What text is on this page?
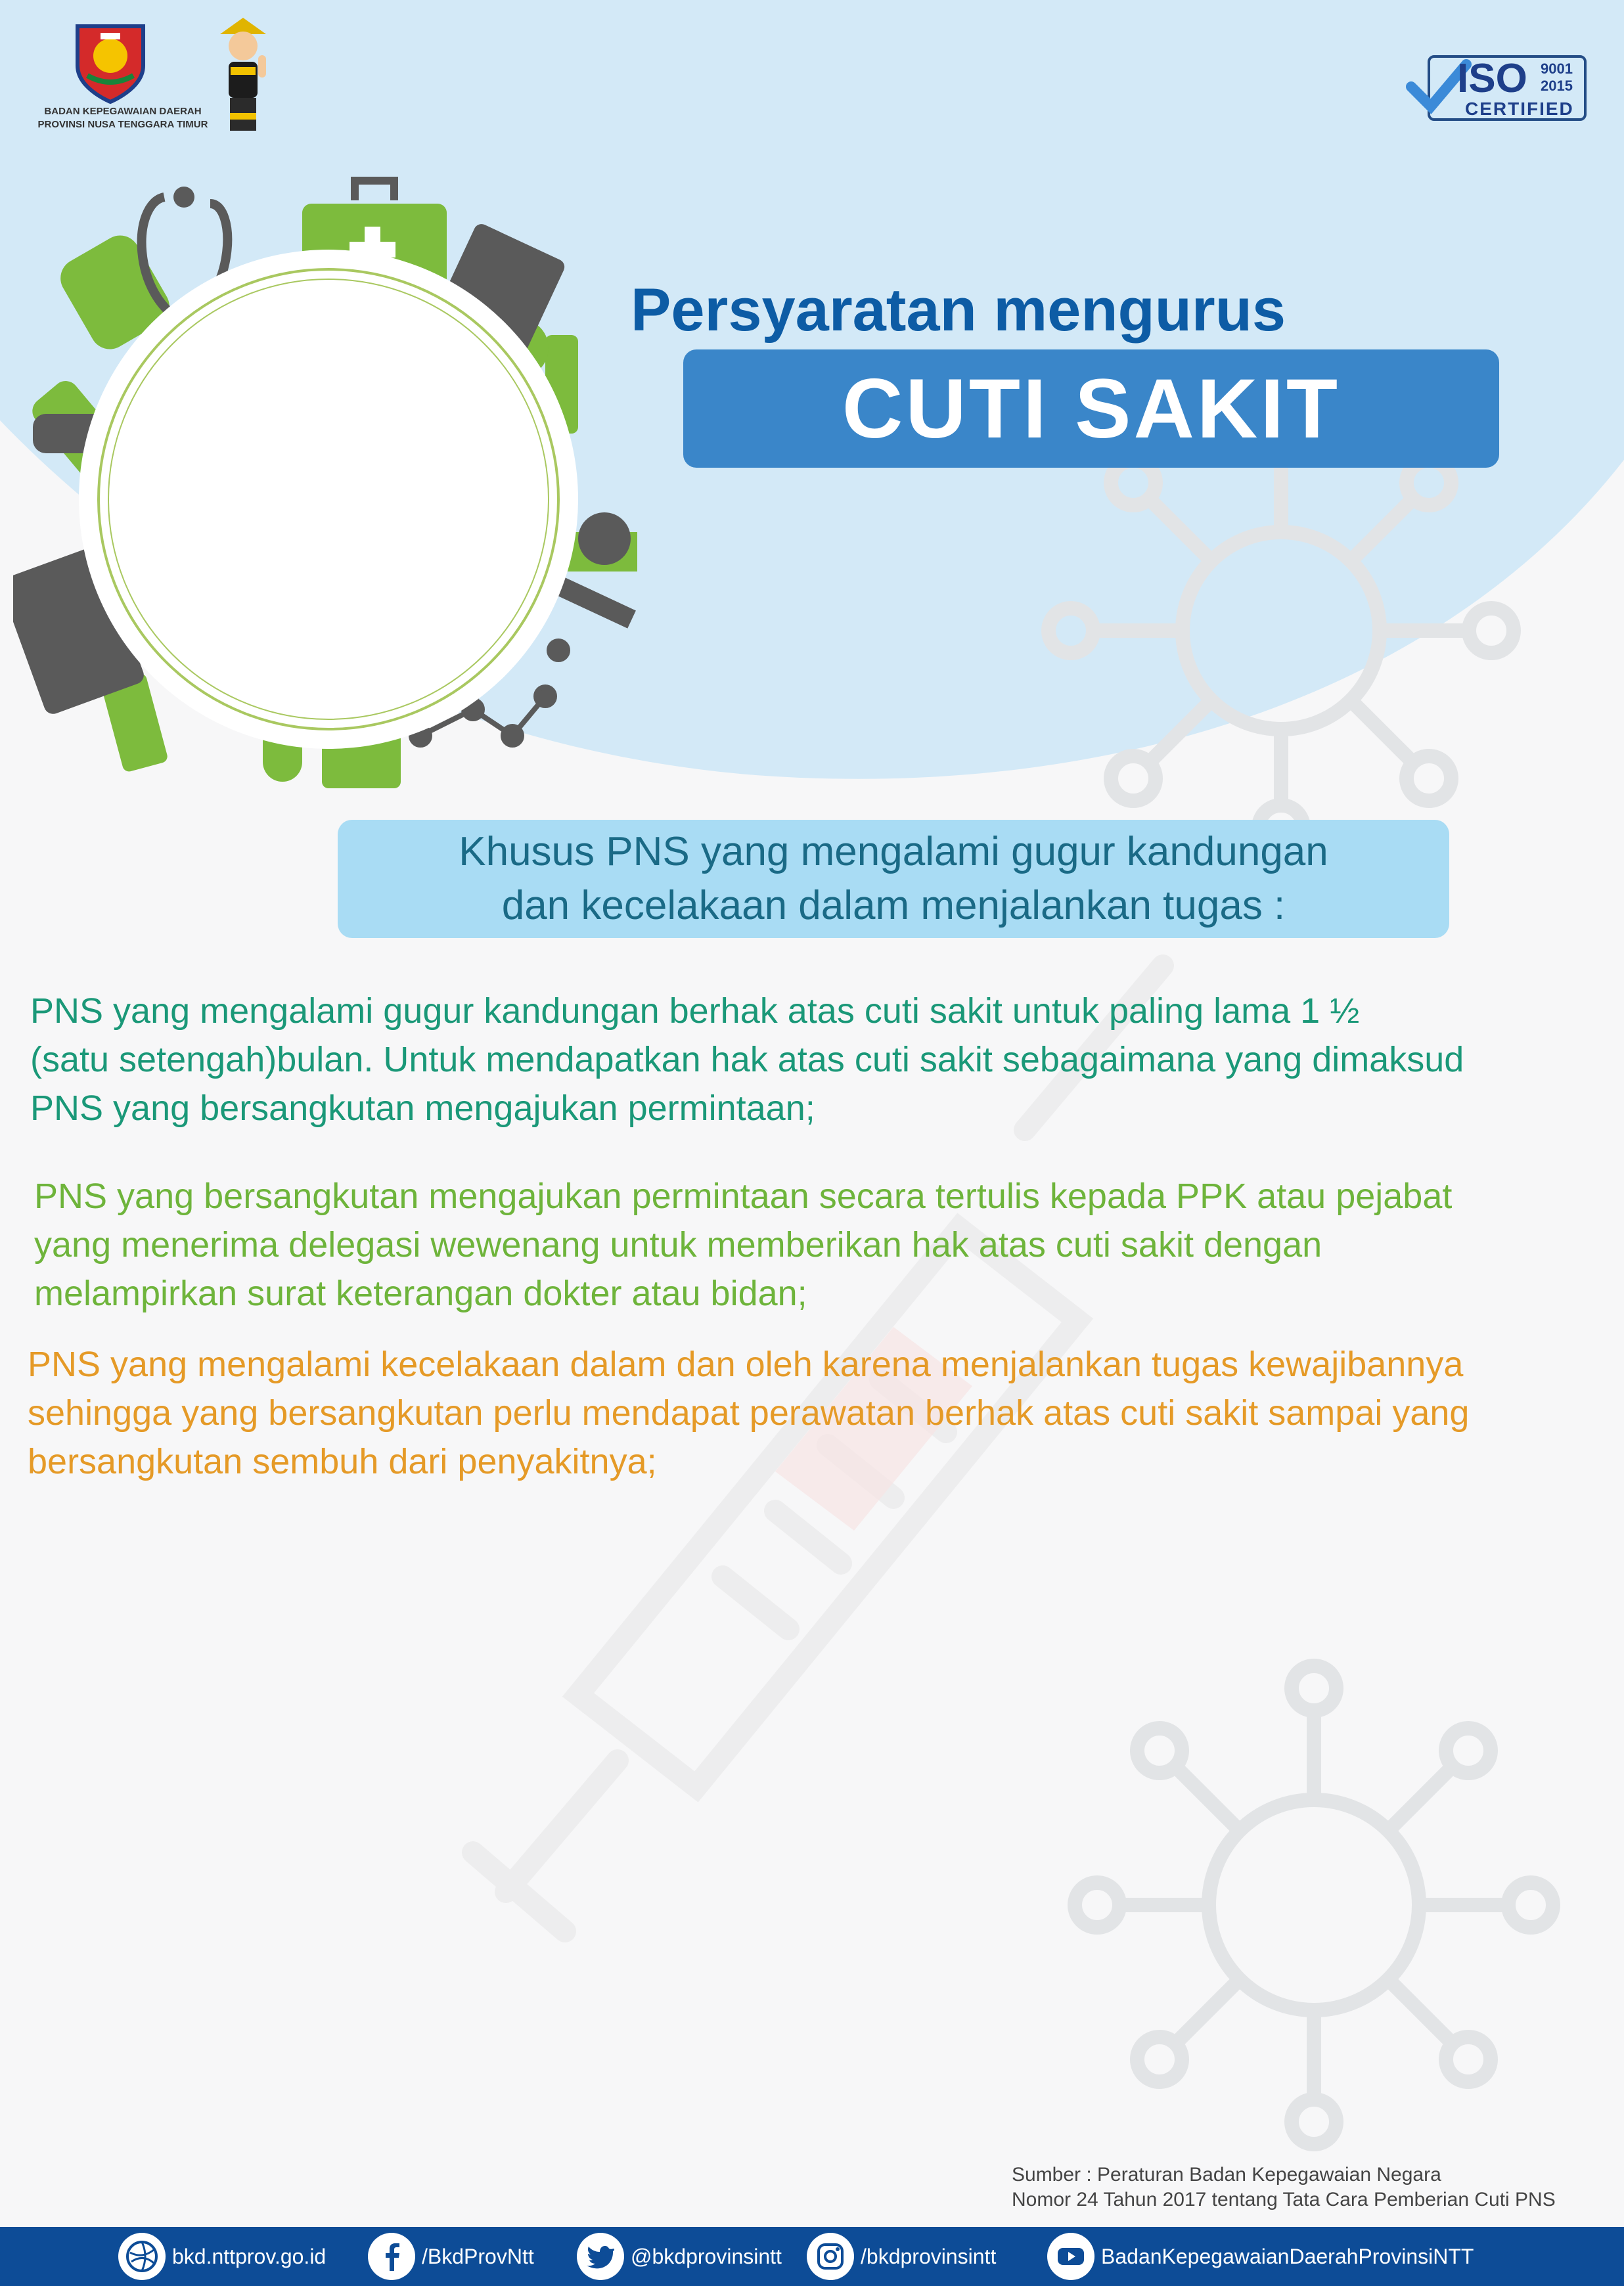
BADAN KEPEGAWAIAN DAERAH
PROVINSI NUSA TENGGARA TIMUR
ISO 9001
2015
CERTIFIED
Persyaratan mengurus
CUTI SAKIT
Khusus PNS yang mengalami gugur kandungan
dan kecelakaan dalam menjalankan tugas :
PNS yang mengalami gugur kandungan berhak atas cuti sakit untuk paling lama 1 ½
(satu setengah)bulan. Untuk mendapatkan hak atas cuti sakit sebagaimana yang dimaksud
PNS yang bersangkutan mengajukan permintaan;
PNS yang bersangkutan mengajukan permintaan secara tertulis kepada PPK atau pejabat
yang menerima delegasi wewenang untuk memberikan hak atas cuti sakit dengan
melampirkan surat keterangan dokter atau bidan;
PNS yang mengalami kecelakaan dalam dan oleh karena menjalankan tugas kewajibannya
sehingga yang bersangkutan perlu mendapat perawatan berhak atas cuti sakit sampai yang
bersangkutan sembuh dari penyakitnya;
Sumber : Peraturan Badan Kepegawaian Negara
Nomor 24 Tahun 2017 tentang Tata Cara Pemberian Cuti PNS
bkd.nttprov.go.id	/BkdProvNtt	@bkdprovinsintt	/bkdprovinsintt	BadanKepegawaianDaerahProvinsiNTT
